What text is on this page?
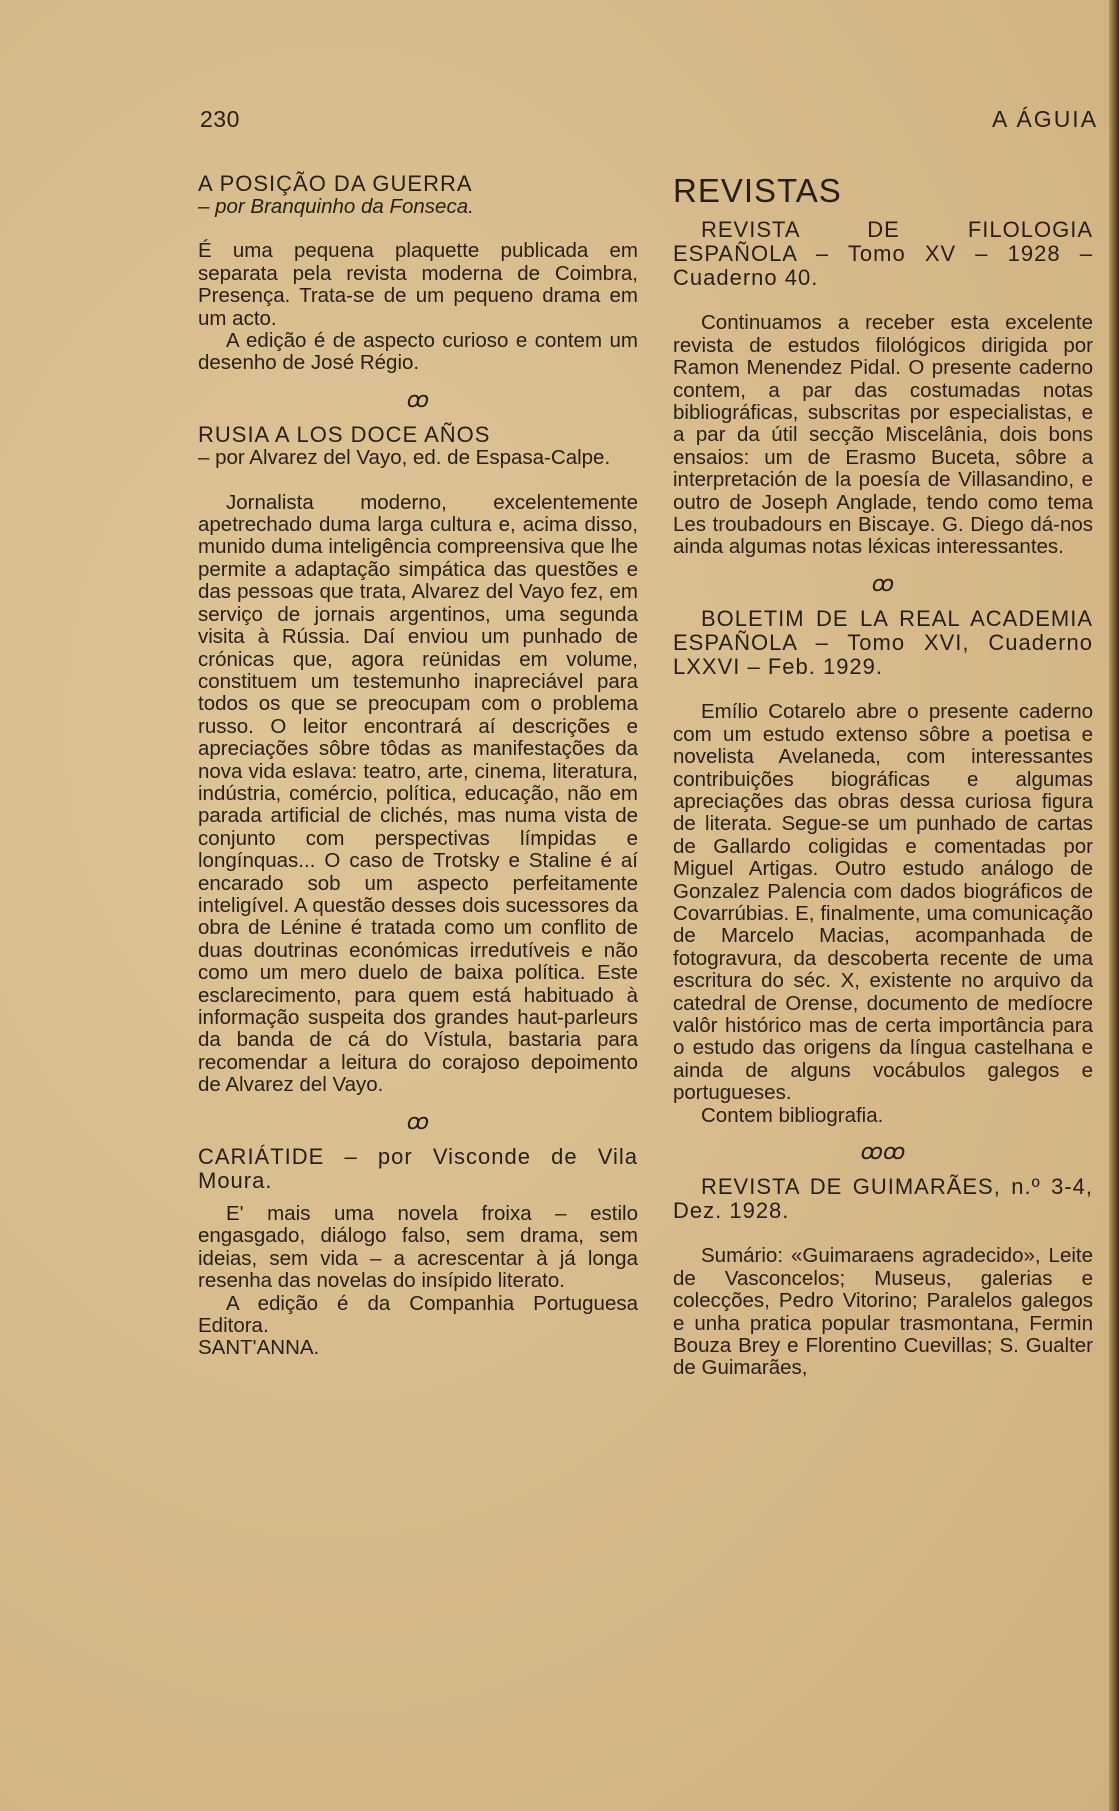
230	A ÁGUIA

A POSIÇÃO DA GUERRA

– por Branquinho da Fonseca.

É uma pequena plaquette publicada em separata pela revista moderna de Coimbra, Presença. Trata-se de um pequeno drama em um acto.

A edição é de aspecto curioso e contem um desenho de José Régio.

ꝏ

RUSIA A LOS DOCE AÑOS

– por Alvarez del Vayo, ed. de Espasa-Calpe.

Jornalista moderno, excelentemente apetrechado duma larga cultura e, acima disso, munido duma inteligência compreensiva que lhe permite a adaptação simpática das questões e das pessoas que trata, Alvarez del Vayo fez, em serviço de jornais argentinos, uma segunda visita à Rússia. Daí enviou um punhado de crónicas que, agora reünidas em volume, constituem um testemunho inapreciável para todos os que se preocupam com o problema russo. O leitor encontrará aí descrições e apreciações sôbre tôdas as manifestações da nova vida eslava: teatro, arte, cinema, literatura, indústria, comércio, política, educação, não em parada artificial de clichés, mas numa vista de conjunto com perspectivas límpidas e longínquas... O caso de Trotsky e Staline é aí encarado sob um aspecto perfeitamente inteligível. A questão desses dois sucessores da obra de Lénine é tratada como um conflito de duas doutrinas económicas irredutíveis e não como um mero duelo de baixa política. Este esclarecimento, para quem está habituado à informação suspeita dos grandes haut-parleurs da banda de cá do Vístula, bastaria para recomendar a leitura do corajoso depoimento de Alvarez del Vayo.

ꝏ

CARIÁTIDE – por Visconde de Vila Moura.

E' mais uma novela froixa – estilo engasgado, diálogo falso, sem drama, sem ideias, sem vida – a acrescentar à já longa resenha das novelas do insípido literato.

A edição é da Companhia Portuguesa Editora.

SANT'ANNA.

REVISTAS

REVISTA DE FILOLOGIA ESPAÑOLA – Tomo XV – 1928 – Cuaderno 40.

Continuamos a receber esta excelente revista de estudos filológicos dirigida por Ramon Menendez Pidal. O presente caderno contem, a par das costumadas notas bibliográficas, subscritas por especialistas, e a par da útil secção Miscelânia, dois bons ensaios: um de Erasmo Buceta, sôbre a interpretación de la poesía de Villasandino, e outro de Joseph Anglade, tendo como tema Les troubadours en Biscaye. G. Diego dá-nos ainda algumas notas léxicas interessantes.

ꝏ

BOLETIM DE LA REAL ACADEMIA ESPAÑOLA – Tomo XVI, Cuaderno LXXVI – Feb. 1929.

Emílio Cotarelo abre o presente caderno com um estudo extenso sôbre a poetisa e novelista Avelaneda, com interessantes contribuições biográficas e algumas apreciações das obras dessa curiosa figura de literata. Segue-se um punhado de cartas de Gallardo coligidas e comentadas por Miguel Artigas. Outro estudo análogo de Gonzalez Palencia com dados biográficos de Covarrúbias. E, finalmente, uma comunicação de Marcelo Macias, acompanhada de fotogravura, da descoberta recente de uma escritura do séc. X, existente no arquivo da catedral de Orense, documento de medíocre valôr histórico mas de certa importância para o estudo das origens da língua castelhana e ainda de alguns vocábulos galegos e portugueses.

Contem bibliografia.

ꝏꝏ

REVISTA DE GUIMARÃES, n.º 3-4, Dez. 1928.

Sumário: «Guimaraens agradecido», Leite de Vasconcelos; Museus, galerias e colecções, Pedro Vitorino; Paralelos galegos e unha pratica popular trasmontana, Fermin Bouza Brey e Florentino Cuevillas; S. Gualter de Guimarães,
